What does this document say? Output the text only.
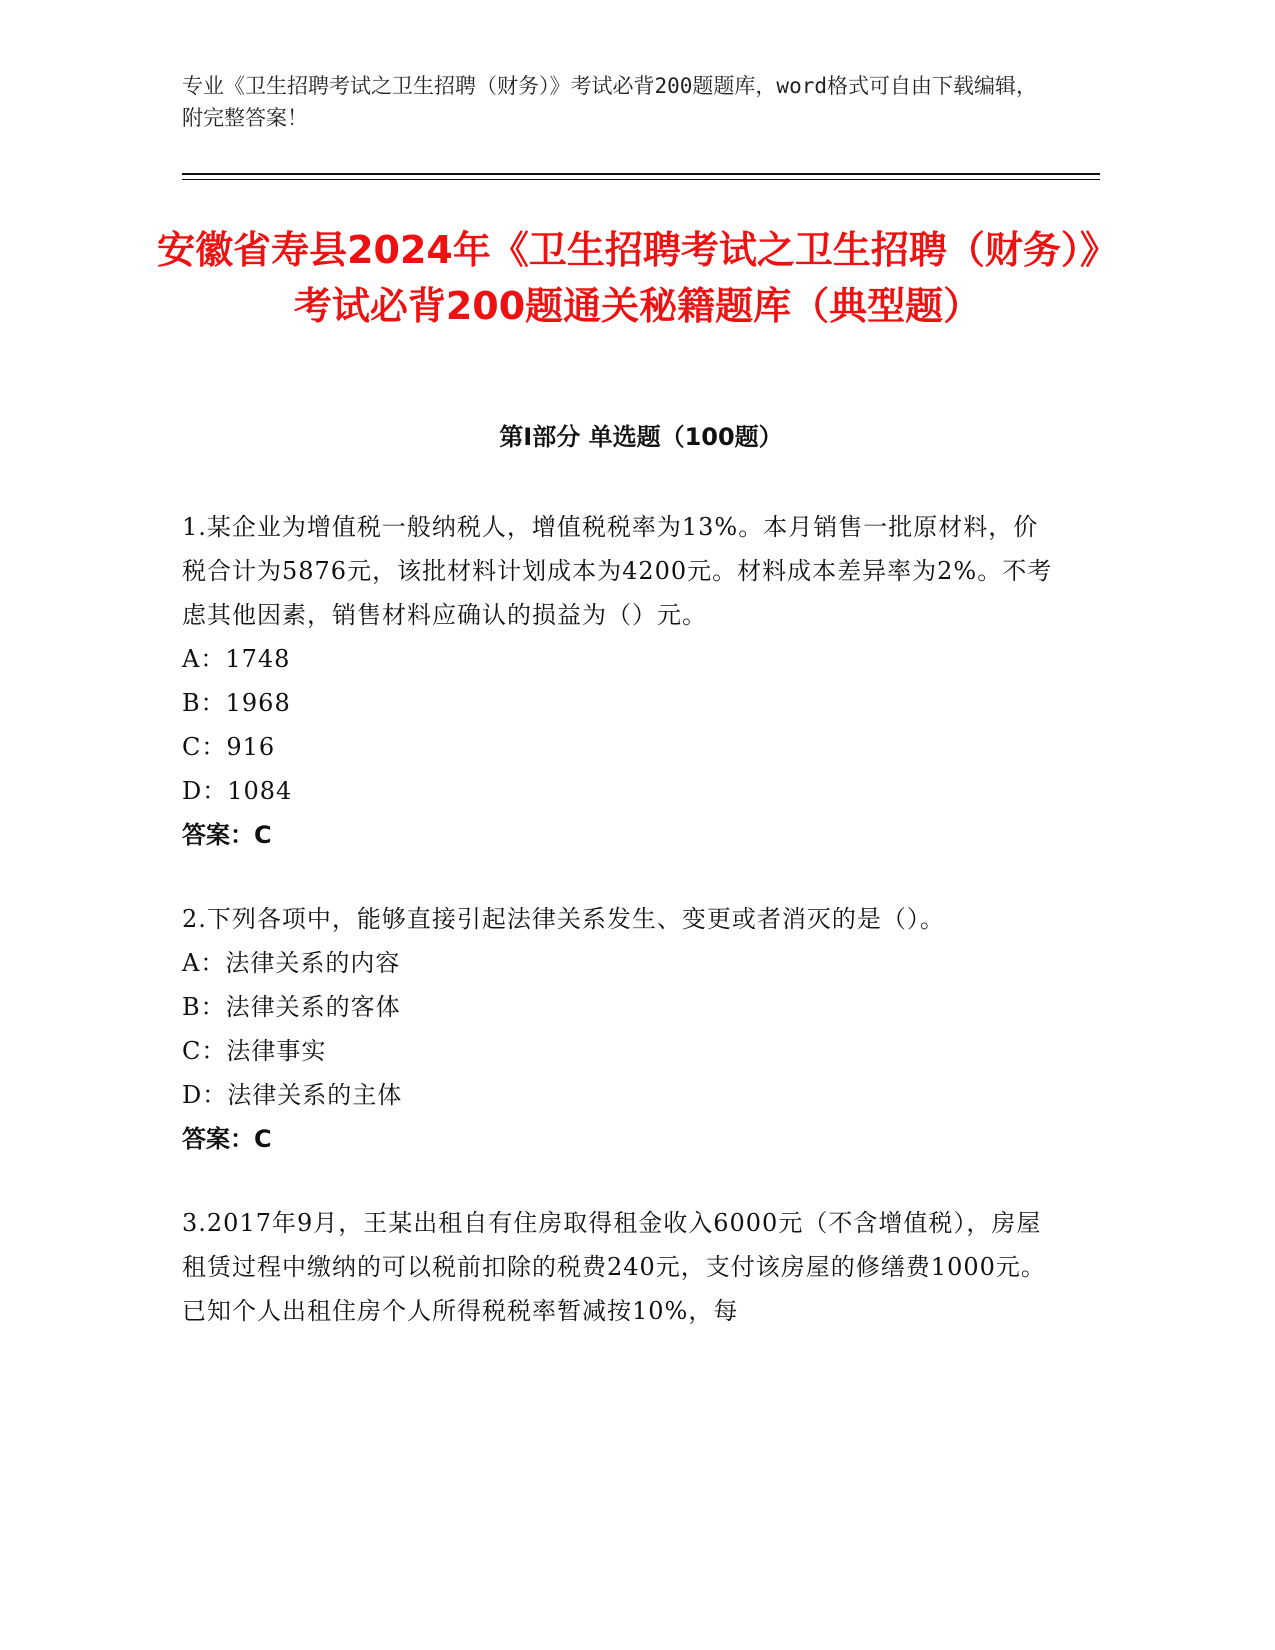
专业《卫生招聘考试之卫生招聘（财务）》考试必背200题题库，word格式可自由下载编辑，附完整答案！
安徽省寿县2024年《卫生招聘考试之卫生招聘（财务）》考试必背200题通关秘籍题库（典型题）
第I部分 单选题（100题）
1.某企业为增值税一般纳税人，增值税税率为13%。本月销售一批原材料，价税合计为5876元，该批材料计划成本为4200元。材料成本差异率为2%。不考虑其他因素，销售材料应确认的损益为（）元。
A：1748
B：1968
C：916
D：1084
答案：C
2.下列各项中，能够直接引起法律关系发生、变更或者消灭的是（）。
A：法律关系的内容
B：法律关系的客体
C：法律事实
D：法律关系的主体
答案：C
3.2017年9月，王某出租自有住房取得租金收入6000元（不含增值税），房屋租赁过程中缴纳的可以税前扣除的税费240元，支付该房屋的修缮费1000元。已知个人出租住房个人所得税税率暂减按10%，每
